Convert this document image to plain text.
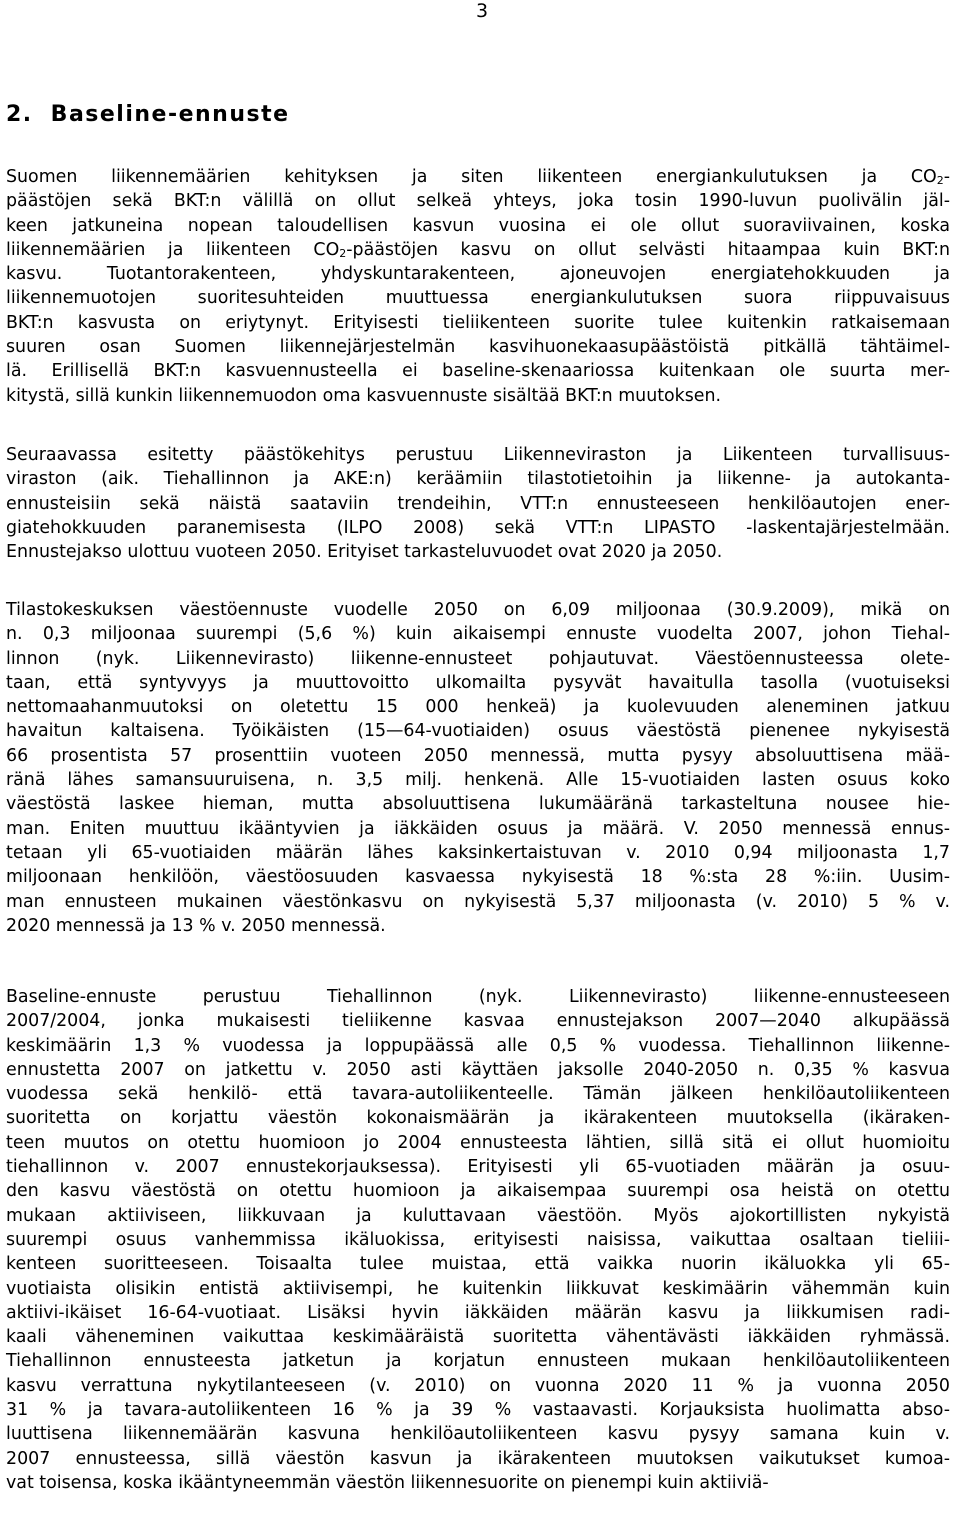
3
2. Baseline-ennuste
Suomen liikennemäärien kehityksen ja siten liikenteen energiankulutuksen ja $CO_2-$
päästöjen sekä BKT:n välillä on ollut selkeä yhteys, joka tosin 1990-luvun puolivälin jäl-
keen jatkuneina nopean taloudellisen kasvun vuosina ei ole ollut suoraviivainen, koska
liikennemäärien ja liikenteen $CO_2$-päästöjen kasvu on ollut selvästi hitaampaa kuin BKT:n
kasvu. Tuotantorakenteen, yhdyskuntarakenteen, ajoneuvojen energiatehokkuuden ja
liikennemuotojen suoritesuhteiden muuttuessa energiankulutuksen suora riippuvaisuus
BKT:n kasvusta on eriytynyt. Erityisesti tieliikenteen suorite tulee kuitenkin ratkaisemaan
suuren osan Suomen liikennejärjestelmän kasvihuonekaasupäästöistä pitkällä tähtäimel-
lä. Erillisellä BKT:n kasvuennusteella ei baseline-skenaariossa kuitenkaan ole suurta mer-
kitystä, sillä kunkin liikennemuodon oma kasvuennuste sisältää BKT:n muutoksen.
Seuraavassa esitetty päästökehitys perustuu Liikenneviraston ja Liikenteen turvallisuus-
viraston (aik. Tiehallinnon ja AKE:n) keräämiin tilastotietoihin ja liikenne- ja autokanta-
ennusteisiin sekä näistä saataviin trendeihin, VTT:n ennusteeseen henkilöautojen ener-
giatehokkuuden paranemisesta (ILPO 2008) sekä VTT:n LIPASTO -laskentajärjestelmään.
Ennustejakso ulottuu vuoteen 2050. Erityiset tarkasteluvuodet ovat 2020 ja 2050.
Tilastokeskuksen väestöennuste vuodelle 2050 on 6,09 miljoonaa (30.9.2009), mikä on
n. 0,3 miljoonaa suurempi (5,6 %) kuin aikaisempi ennuste vuodelta 2007, johon Tiehal-
linnon (nyk. Liikennevirasto) liikenne-ennusteet pohjautuvat. Väestöennusteessa olete-
taan, että syntyvyys ja muuttovoitto ulkomailta pysyvät havaitulla tasolla (vuotuiseksi
nettomaahanmuutoksi on oletettu 15 000 henkeä) ja kuolevuuden aleneminen jatkuu
havaitun kaltaisena. Työikäisten (15—64-vuotiaiden) osuus väestöstä pienenee nykyisestä
66 prosentista 57 prosenttiin vuoteen 2050 mennessä, mutta pysyy absoluuttisena mää-
ränä lähes samansuuruisena, n. 3,5 milj. henkenä. Alle 15-vuotiaiden lasten osuus koko
väestöstä laskee hieman, mutta absoluuttisena lukumääränä tarkasteltuna nousee hie-
man. Eniten muuttuu ikääntyvien ja iäkkäiden osuus ja määrä. V. 2050 mennessä ennus-
tetaan yli 65-vuotiaiden määrän lähes kaksinkertaistuvan v. 2010 0,94 miljoonasta 1,7
miljoonaan henkilöön, väestöosuuden kasvaessa nykyisestä 18 %:sta 28 %:iin. Uusim-
man ennusteen mukainen väestönkasvu on nykyisestä 5,37 miljoonasta (v. 2010) 5 % v.
2020 mennessä ja 13 % v. 2050 mennessä.
Baseline-ennuste perustuu Tiehallinnon (nyk. Liikennevirasto) liikenne-ennusteeseen
2007/2004, jonka mukaisesti tieliikenne kasvaa ennustejakson 2007—2040 alkupäässä
keskimäärin 1,3 % vuodessa ja loppupäässä alle 0,5 % vuodessa. Tiehallinnon liikenne-
ennustetta 2007 on jatkettu v. 2050 asti käyttäen jaksolle 2040-2050 n. 0,35 % kasvua
vuodessa sekä henkilö- että tavara-autoliikenteelle. Tämän jälkeen henkilöautoliikenteen
suoritetta on korjattu väestön kokonaismäärän ja ikärakenteen muutoksella (ikäraken-
teen muutos on otettu huomioon jo 2004 ennusteesta lähtien, sillä sitä ei ollut huomioitu
tiehallinnon v. 2007 ennustekorjauksessa). Erityisesti yli 65-vuotiaden määrän ja osuu-
den kasvu väestöstä on otettu huomioon ja aikaisempaa suurempi osa heistä on otettu
mukaan aktiiviseen, liikkuvaan ja kuluttavaan väestöön. Myös ajokortillisten nykyistä
suurempi osuus vanhemmissa ikäluokissa, erityisesti naisissa, vaikuttaa osaltaan tieliii-
kenteen suoritteeseen. Toisaalta tulee muistaa, että vaikka nuorin ikäluokka yli 65-
vuotiaista olisikin entistä aktiivisempi, he kuitenkin liikkuvat keskimäärin vähemmän kuin
aktiivi-ikäiset 16-64-vuotiaat. Lisäksi hyvin iäkkäiden määrän kasvu ja liikkumisen radi-
kaali väheneminen vaikuttaa keskimääräistä suoritetta vähentävästi iäkkäiden ryhmässä.
Tiehallinnon ennusteesta jatketun ja korjatun ennusteen mukaan henkilöautoliikenteen
kasvu verrattuna nykytilanteeseen (v. 2010) on vuonna 2020 11 % ja vuonna 2050
31 % ja tavara-autoliikenteen 16 % ja 39 % vastaavasti. Korjauksista huolimatta abso-
luuttisena liikennemäärän kasvuna henkilöautoliikenteen kasvu pysyy samana kuin v.
2007 ennusteessa, sillä väestön kasvun ja ikärakenteen muutoksen vaikutukset kumoa-
vat toisensa, koska ikääntyneemmän väestön liikennesuorite on pienempi kuin aktiiviä-
